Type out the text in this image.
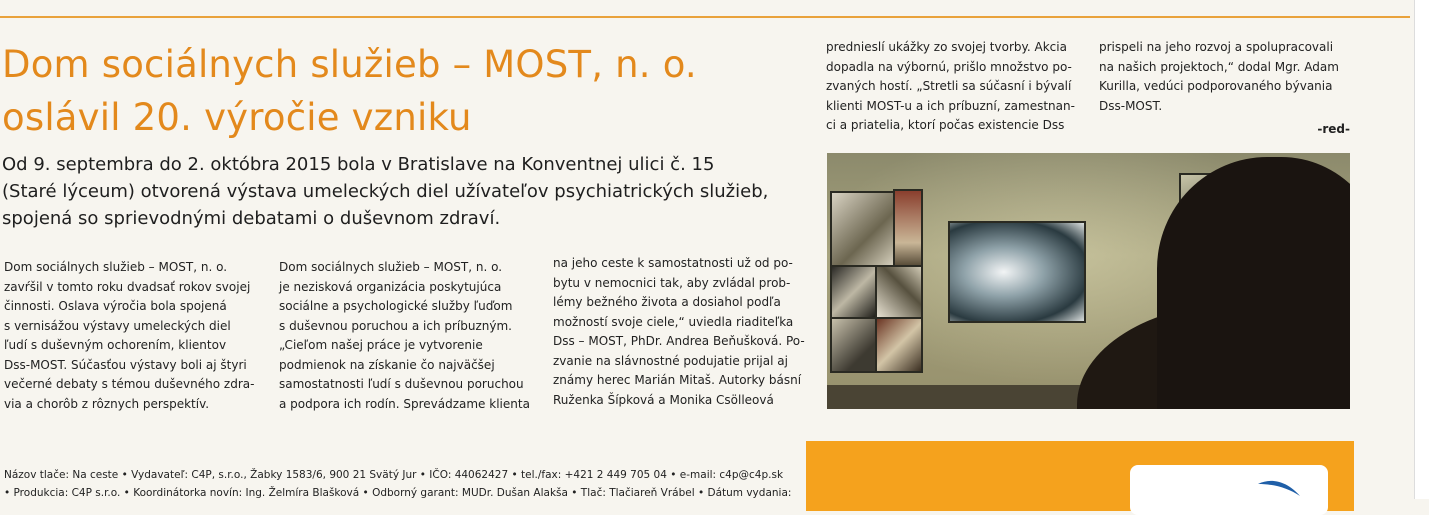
Dom sociálnych služieb – MOST, n. o.
oslávil 20. výročie vzniku

Od 9. septembra do 2. októbra 2015 bola v Bratislave na Konventnej ulici č. 15
(Staré lýceum) otvorená výstava umeleckých diel užívateľov psychiatrických služieb,
spojená so sprievodnými debatami o duševnom zdraví.

Dom sociálnych služieb – MOST, n. o.
zavŕšil v tomto roku dvadsať rokov svojej
činnosti. Oslava výročia bola spojená
s vernisážou výstavy umeleckých diel
ľudí s duševným ochorením, klientov
Dss-MOST. Súčasťou výstavy boli aj štyri
večerné debaty s témou duševného zdra-
via a chorôb z rôznych perspektív.
Dom sociálnych služieb – MOST, n. o.
je nezisková organizácia poskytujúca
sociálne a psychologické služby ľuďom
s duševnou poruchou a ich príbuzným.
„Cieľom našej práce je vytvorenie
podmienok na získanie čo najväčšej
samostatnosti ľudí s duševnou poruchou
a podpora ich rodín. Sprevádzame klienta
na jeho ceste k samostatnosti už od po-
bytu v nemocnici tak, aby zvládal prob-
lémy bežného života a dosiahol podľa
možností svoje ciele,“ uviedla riaditeľka
Dss – MOST, PhDr. Andrea Beňušková. Po-
zvanie na slávnostné podujatie prijal aj
známy herec Marián Mitaš. Autorky básní
Ruženka Šípková a Monika Csölleová
prednieslí ukážky zo svojej tvorby. Akcia
dopadla na výbornú, prišlo množstvo po-
zvaných hostí. „Stretli sa súčasní i bývalí
klienti MOST-u a ich príbuzní, zamestnan-
ci a priatelia, ktorí počas existencie Dss
prispeli na jeho rozvoj a spolupracovali
na našich projektoch,“ dodal Mgr. Adam
Kurilla, vedúci podporovaného bývania
Dss-MOST.
-red-
Názov tlače: Na ceste • Vydavateľ: C4P, s.r.o., Žabky 1583/6, 900 21 Svätý Jur • IČO: 44062427 • tel./fax: +421 2 449 705 04 • e-mail: c4p@c4p.sk
• Produkcia: C4P s.r.o. • Koordinátorka novín: Ing. Želmíra Blašková • Odborný garant: MUDr. Dušan Alakša • Tlač: Tlačiareň Vrábel • Dátum vydania:
